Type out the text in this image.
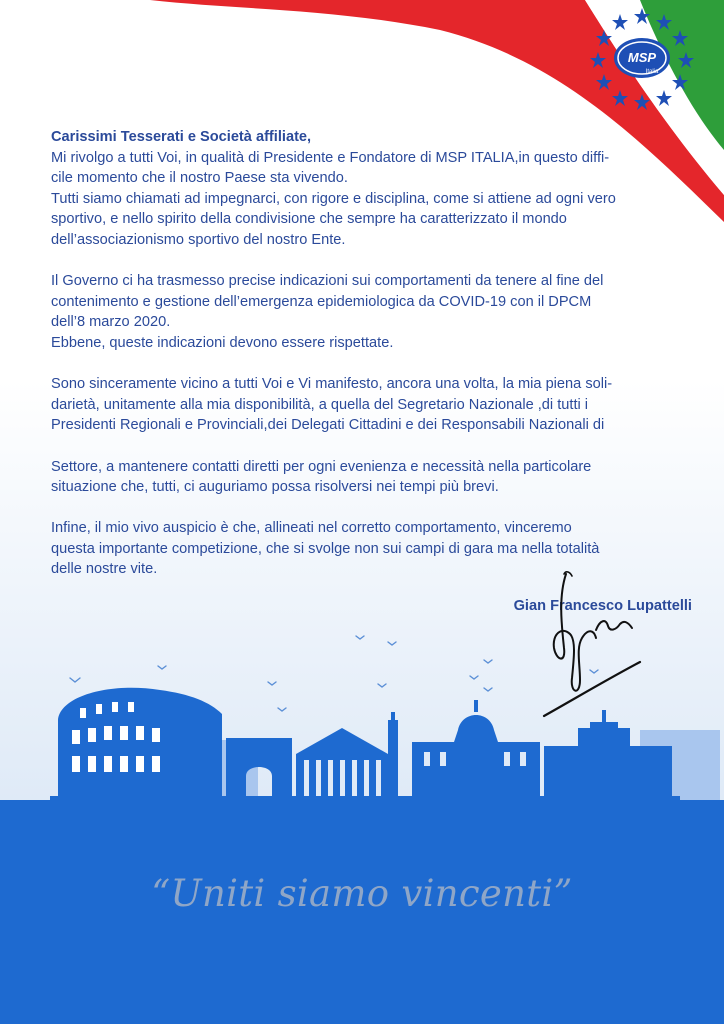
MSP
Italia

Carissimi Tesserati e Società affiliate,
Mi rivolgo a tutti Voi, in qualità di Presidente e Fondatore di MSP ITALIA,in questo diffi-
cile momento che il nostro Paese sta vivendo.
Tutti siamo chiamati ad impegnarci, con rigore e disciplina, come si attiene ad ogni vero
sportivo, e nello spirito della condivisione che sempre ha caratterizzato il mondo
dell’associazionismo sportivo del nostro Ente.

Il Governo ci ha trasmesso precise indicazioni sui comportamenti da tenere al fine del
contenimento e gestione dell’emergenza epidemiologica da COVID-19 con il DPCM
dell’8 marzo 2020.
Ebbene, queste indicazioni devono essere rispettate.

Sono sinceramente vicino a tutti Voi e Vi manifesto, ancora una volta, la mia piena soli-
darietà, unitamente alla mia disponibilità, a quella del Segretario Nazionale ,di tutti i
Presidenti Regionali e Provinciali,dei Delegati Cittadini e dei Responsabili Nazionali di

Settore, a mantenere contatti diretti per ogni evenienza e necessità nella particolare
situazione che, tutti, ci auguriamo possa risolversi nei tempi più brevi.

Infine, il mio vivo auspicio è che, allineati nel corretto comportamento, vinceremo
questa importante competizione, che si svolge non sui campi di gara ma nella totalità
delle nostre vite.

Gian Francesco Lupattelli
“Uniti siamo vincenti”
